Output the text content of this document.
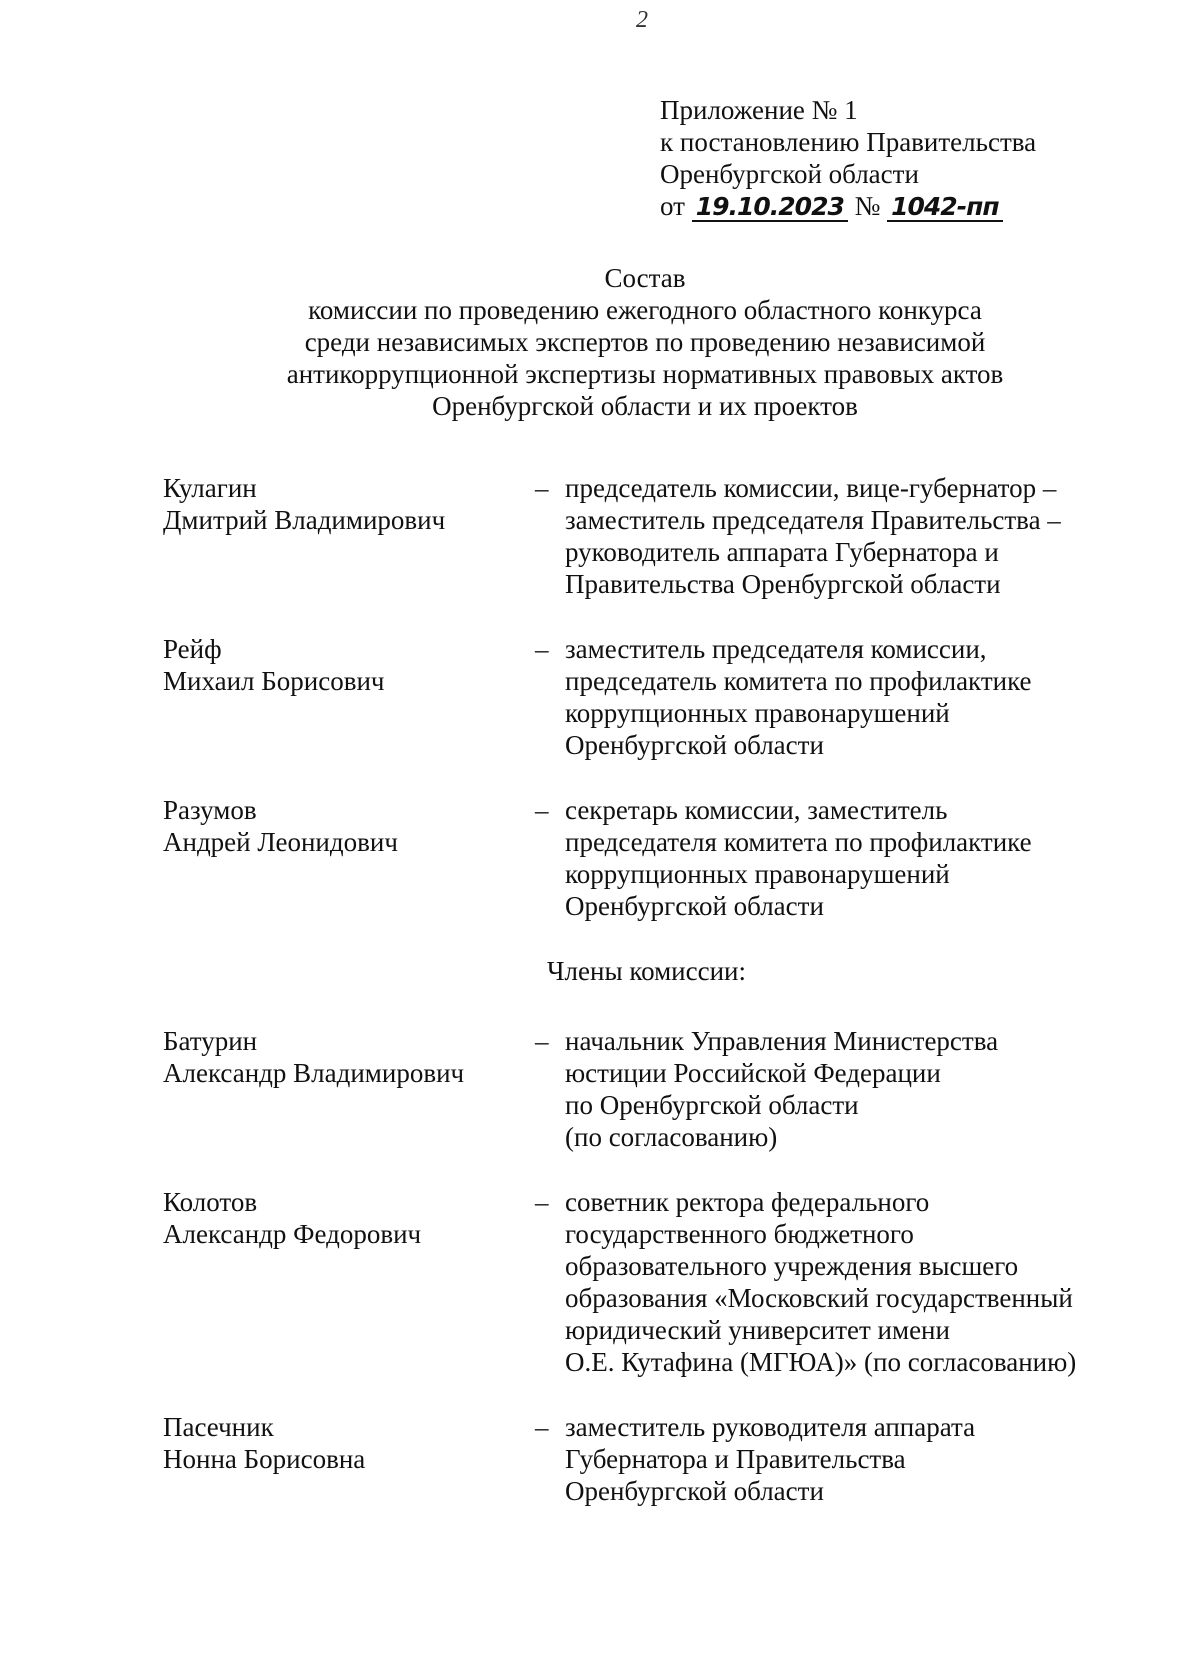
2
Приложение № 1
к постановлению Правительства
Оренбургской области
от 19.10.2023 № 1042-пп
Состав
комиссии по проведению ежегодного областного конкурса
среди независимых экспертов по проведению независимой
антикоррупционной экспертизы нормативных правовых актов
Оренбургской области и их проектов
Кулагин
Дмитрий Владимирович
– председатель комиссии, вице-губернатор –
заместитель председателя Правительства –
руководитель аппарата Губернатора и
Правительства Оренбургской области
Рейф
Михаил Борисович
– заместитель председателя комиссии,
председатель комитета по профилактике
коррупционных правонарушений
Оренбургской области
Разумов
Андрей Леонидович
– секретарь комиссии, заместитель
председателя комитета по профилактике
коррупционных правонарушений
Оренбургской области
Члены комиссии:
Батурин
Александр Владимирович
– начальник Управления Министерства
юстиции Российской Федерации
по Оренбургской области
(по согласованию)
Колотов
Александр Федорович
– советник ректора федерального
государственного бюджетного
образовательного учреждения высшего
образования «Московский государственный
юридический университет имени
О.Е. Кутафина (МГЮА)» (по согласованию)
Пасечник
Нонна Борисовна
– заместитель руководителя аппарата
Губернатора и Правительства
Оренбургской области
